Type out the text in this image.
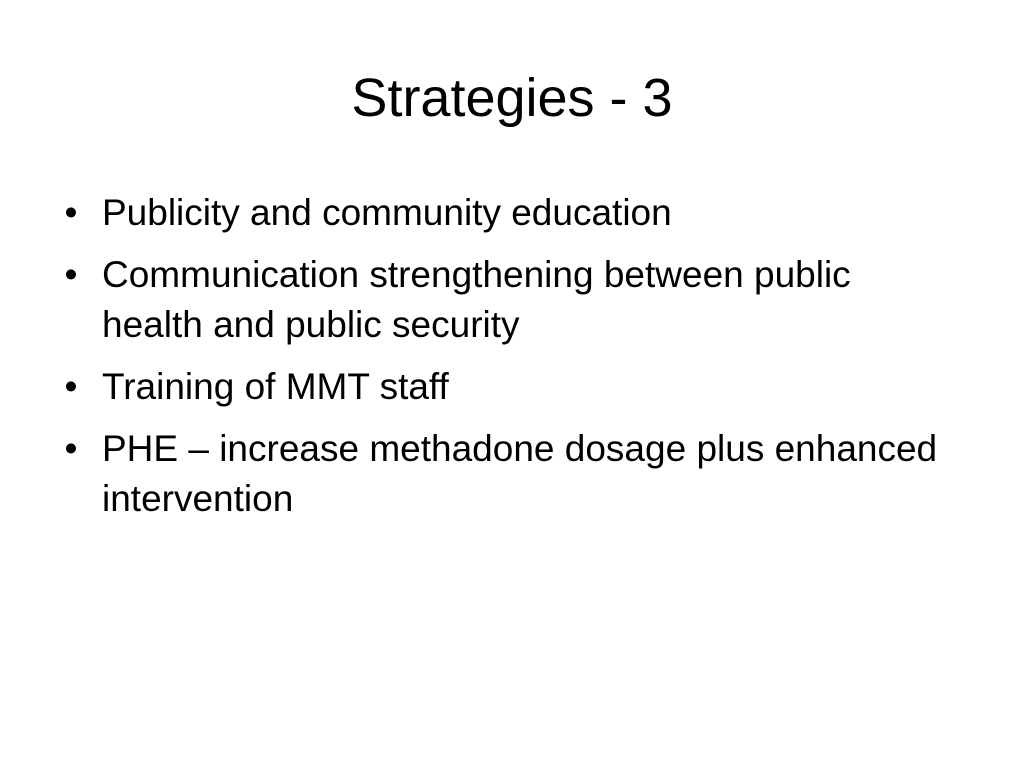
Strategies - 3
• Publicity and community education
• Communication strengthening between public health and public security
• Training of MMT staff
• PHE – increase methadone dosage plus enhanced intervention
